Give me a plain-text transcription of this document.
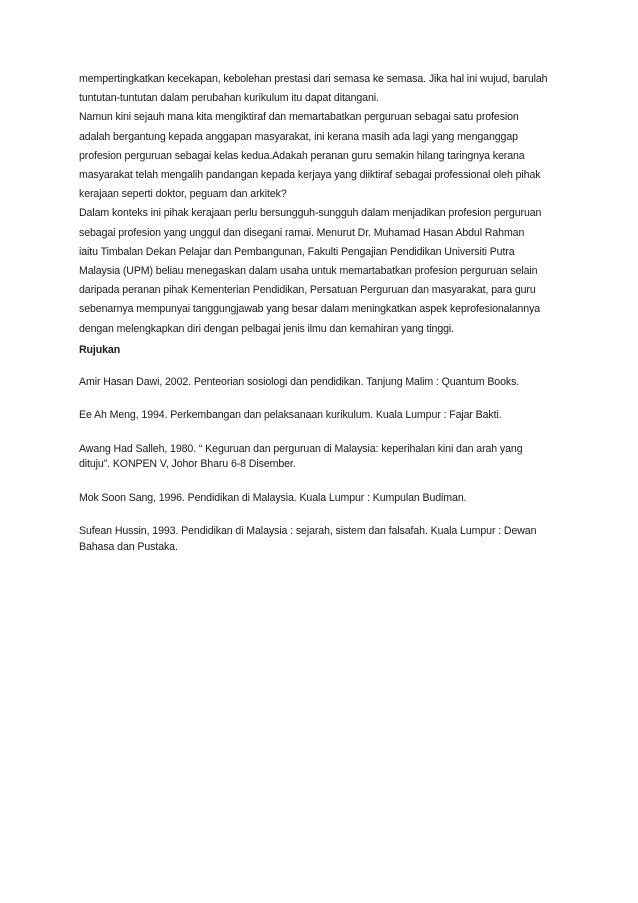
mempertingkatkan kecekapan, kebolehan prestasi dari semasa ke semasa. Jika hal ini wujud, barulah
tuntutan-tuntutan dalam perubahan kurikulum itu dapat ditangani.
Namun kini sejauh mana kita mengiktiraf dan memartabatkan perguruan sebagai satu profesion
adalah bergantung kepada anggapan masyarakat, ini kerana masih ada lagi yang menganggap
profesion perguruan sebagai kelas kedua.Adakah peranan guru semakin hilang taringnya kerana
masyarakat telah mengalih pandangan kepada kerjaya yang diiktiraf sebagai professional oleh pihak
kerajaan seperti doktor, peguam dan arkitek?
Dalam konteks ini pihak kerajaan perlu bersungguh-sungguh dalam menjadikan profesion perguruan
sebagai profesion yang unggul dan disegani ramai. Menurut Dr. Muhamad Hasan Abdul Rahman
iaitu Timbalan Dekan Pelajar dan Pembangunan, Fakulti Pengajian Pendidikan Universiti Putra
Malaysia (UPM) beliau menegaskan dalam usaha untuk memartabatkan profesion perguruan selain
daripada peranan pihak Kementerian Pendidikan, Persatuan Perguruan dan masyarakat, para guru
sebenarnya mempunyai tanggungjawab yang besar dalam meningkatkan aspek keprofesionalannya
dengan melengkapkan diri dengan pelbagai jenis ilmu dan kemahiran yang tinggi.
Rujukan
Amir Hasan Dawi, 2002. Penteorian sosiologi dan pendidikan. Tanjung Malim : Quantum Books.
Ee Ah Meng, 1994. Perkembangan dan pelaksanaan kurikulum. Kuala Lumpur : Fajar Bakti.
Awang Had Salleh, 1980. “ Keguruan dan perguruan di Malaysia: keperihalan kini dan arah yang
dituju”. KONPEN V, Johor Bharu 6-8 Disember.
Mok Soon Sang, 1996. Pendidikan di Malaysia. Kuala Lumpur : Kumpulan Budiman.
Sufean Hussin, 1993. Pendidikan di Malaysia : sejarah, sistem dan falsafah. Kuala Lumpur : Dewan
Bahasa dan Pustaka.
